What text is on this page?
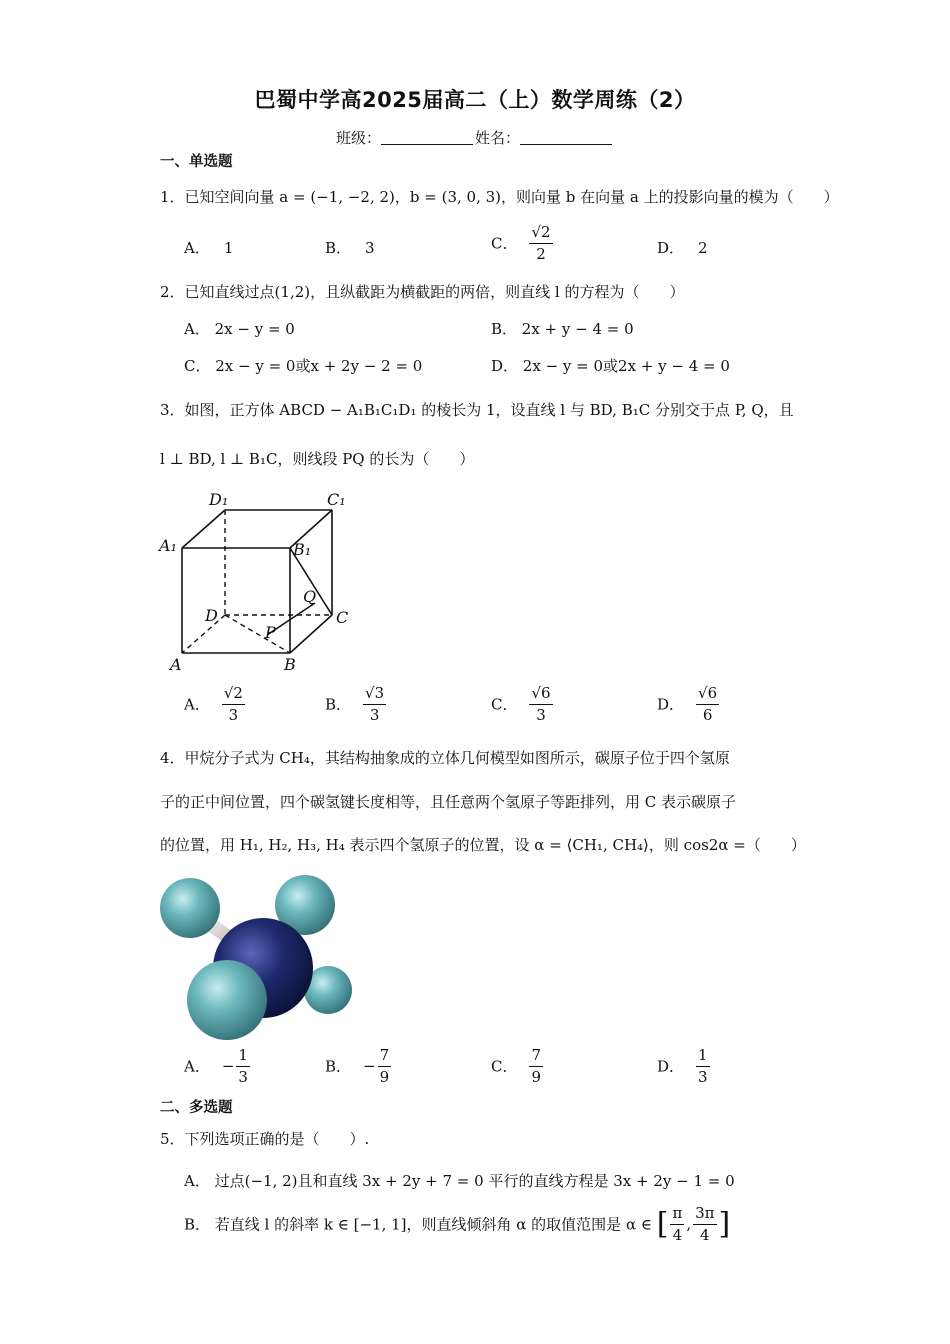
巴蜀中学高2025届高二（上）数学周练（2）
班级：	姓名：
一、单选题
1．已知空间向量 a = (−1, −2, 2)，b = (3, 0, 3)，则向量 b 在向量 a 上的投影向量的模为（　　）
A． 1	B． 3	C． $\frac{√2}{2}$	D． 2
2．已知直线过点(1,2)，且纵截距为横截距的两倍，则直线 l 的方程为（　　）
A． 2x − y = 0	B． 2x + y − 4 = 0
C． 2x − y = 0或x + 2y − 2 = 0	D． 2x − y = 0或2x + y − 4 = 0
3．如图，正方体 ABCD − A₁B₁C₁D₁ 的棱长为 1，设直线 l 与 BD, B₁C 分别交于点 P, Q，且
l ⊥ BD, l ⊥ B₁C，则线段 PQ 的长为（　　）
D₁	C₁
A₁	B₁
Q
D	C
P
A	B
A． $\frac{√2}{3}$	B． $\frac{√3}{3}$	C． $\frac{√6}{3}$	D． $\frac{√6}{6}$
4．甲烷分子式为 CH₄，其结构抽象成的立体几何模型如图所示，碳原子位于四个氢原
子的正中间位置，四个碳氢键长度相等，且任意两个氢原子等距排列，用 C 表示碳原子
的位置，用 H₁, H₂, H₃, H₄ 表示四个氢原子的位置，设 α = ⟨CH₁, CH₄⟩，则 cos2α =（　　）
A． − $\frac{1}{3}$	B． − $\frac{7}{9}$	C． $\frac{7}{9}$	D． $\frac{1}{3}$
二、多选题
5．下列选项正确的是（　　）.
A． 过点(−1, 2)且和直线 3x + 2y + 7 = 0 平行的直线方程是 3x + 2y − 1 = 0
B． 若直线 l 的斜率 k ∈ [−1, 1]，则直线倾斜角 α 的取值范围是 α ∈ [ $\frac{\pi}{4}$ , $\frac{3\pi}{4}$ ]
